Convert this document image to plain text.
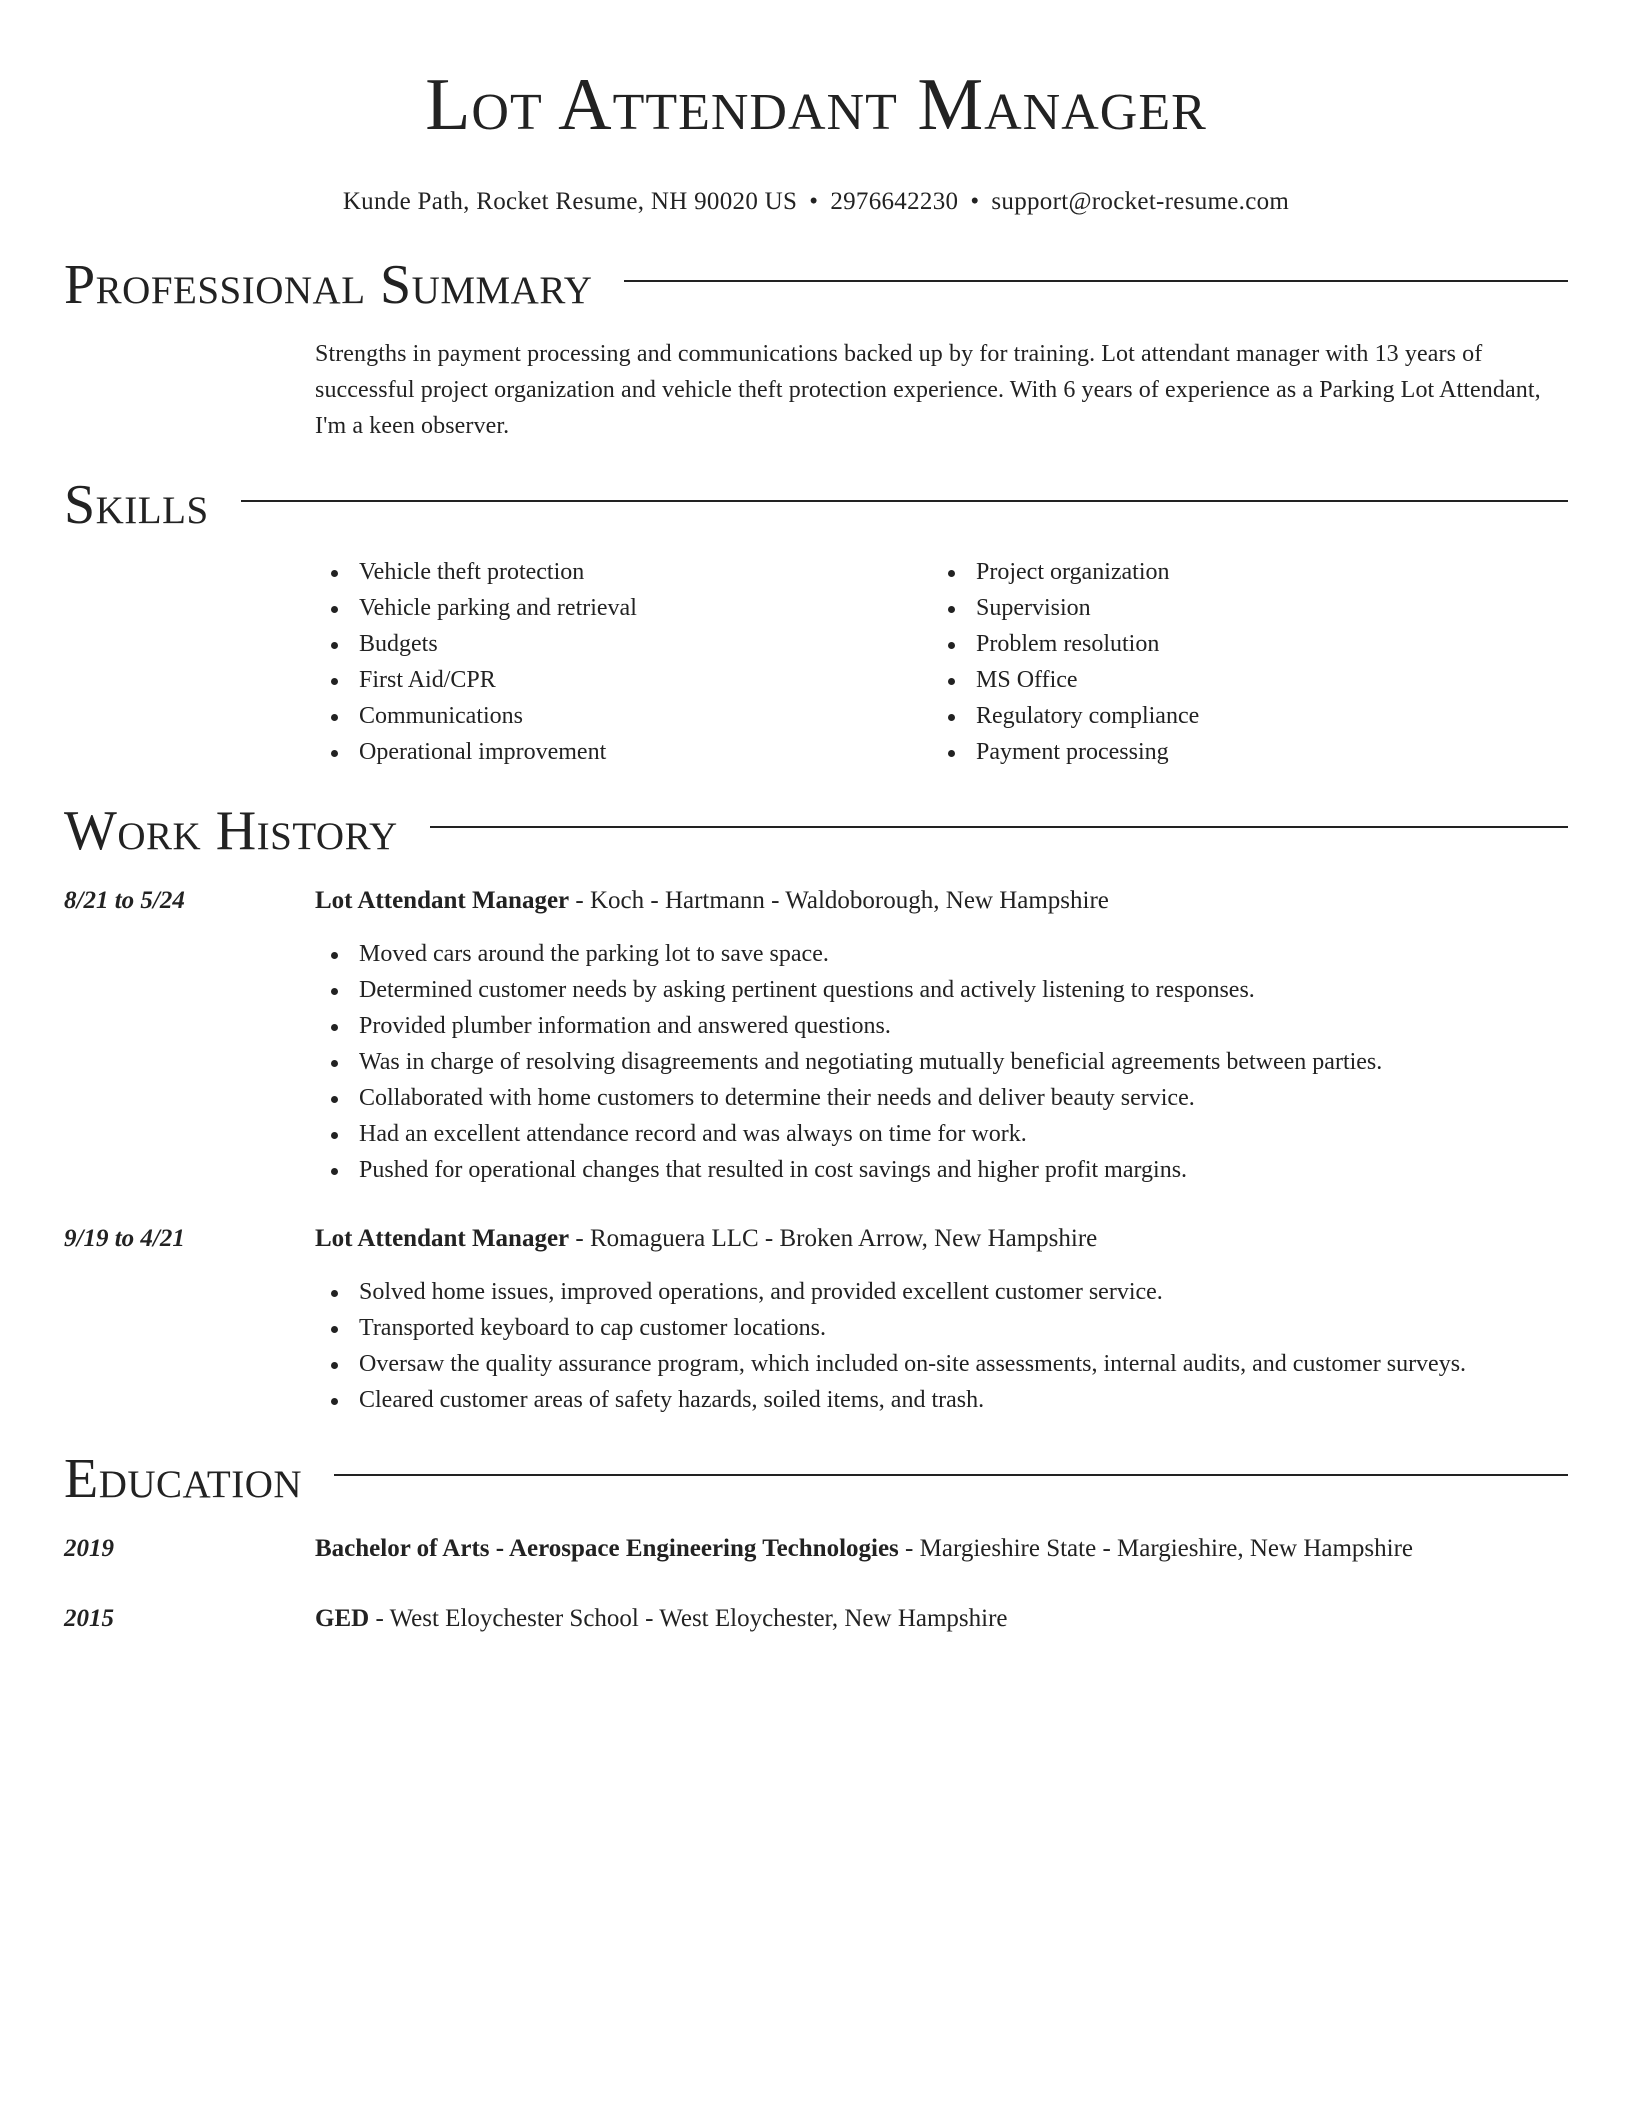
Lot Attendant Manager
Kunde Path, Rocket Resume, NH 90020 US • 2976642230 • support@rocket-resume.com
Professional Summary
Strengths in payment processing and communications backed up by for training. Lot attendant manager with 13 years of successful project organization and vehicle theft protection experience. With 6 years of experience as a Parking Lot Attendant, I'm a keen observer.
Skills
Vehicle theft protection
Vehicle parking and retrieval
Budgets
First Aid/CPR
Communications
Operational improvement
Project organization
Supervision
Problem resolution
MS Office
Regulatory compliance
Payment processing
Work History
8/21 to 5/24	Lot Attendant Manager - Koch - Hartmann - Waldoborough, New Hampshire
Moved cars around the parking lot to save space.
Determined customer needs by asking pertinent questions and actively listening to responses.
Provided plumber information and answered questions.
Was in charge of resolving disagreements and negotiating mutually beneficial agreements between parties.
Collaborated with home customers to determine their needs and deliver beauty service.
Had an excellent attendance record and was always on time for work.
Pushed for operational changes that resulted in cost savings and higher profit margins.
9/19 to 4/21	Lot Attendant Manager - Romaguera LLC - Broken Arrow, New Hampshire
Solved home issues, improved operations, and provided excellent customer service.
Transported keyboard to cap customer locations.
Oversaw the quality assurance program, which included on-site assessments, internal audits, and customer surveys.
Cleared customer areas of safety hazards, soiled items, and trash.
Education
2019	Bachelor of Arts - Aerospace Engineering Technologies - Margieshire State - Margieshire, New Hampshire
2015	GED - West Eloychester School - West Eloychester, New Hampshire
